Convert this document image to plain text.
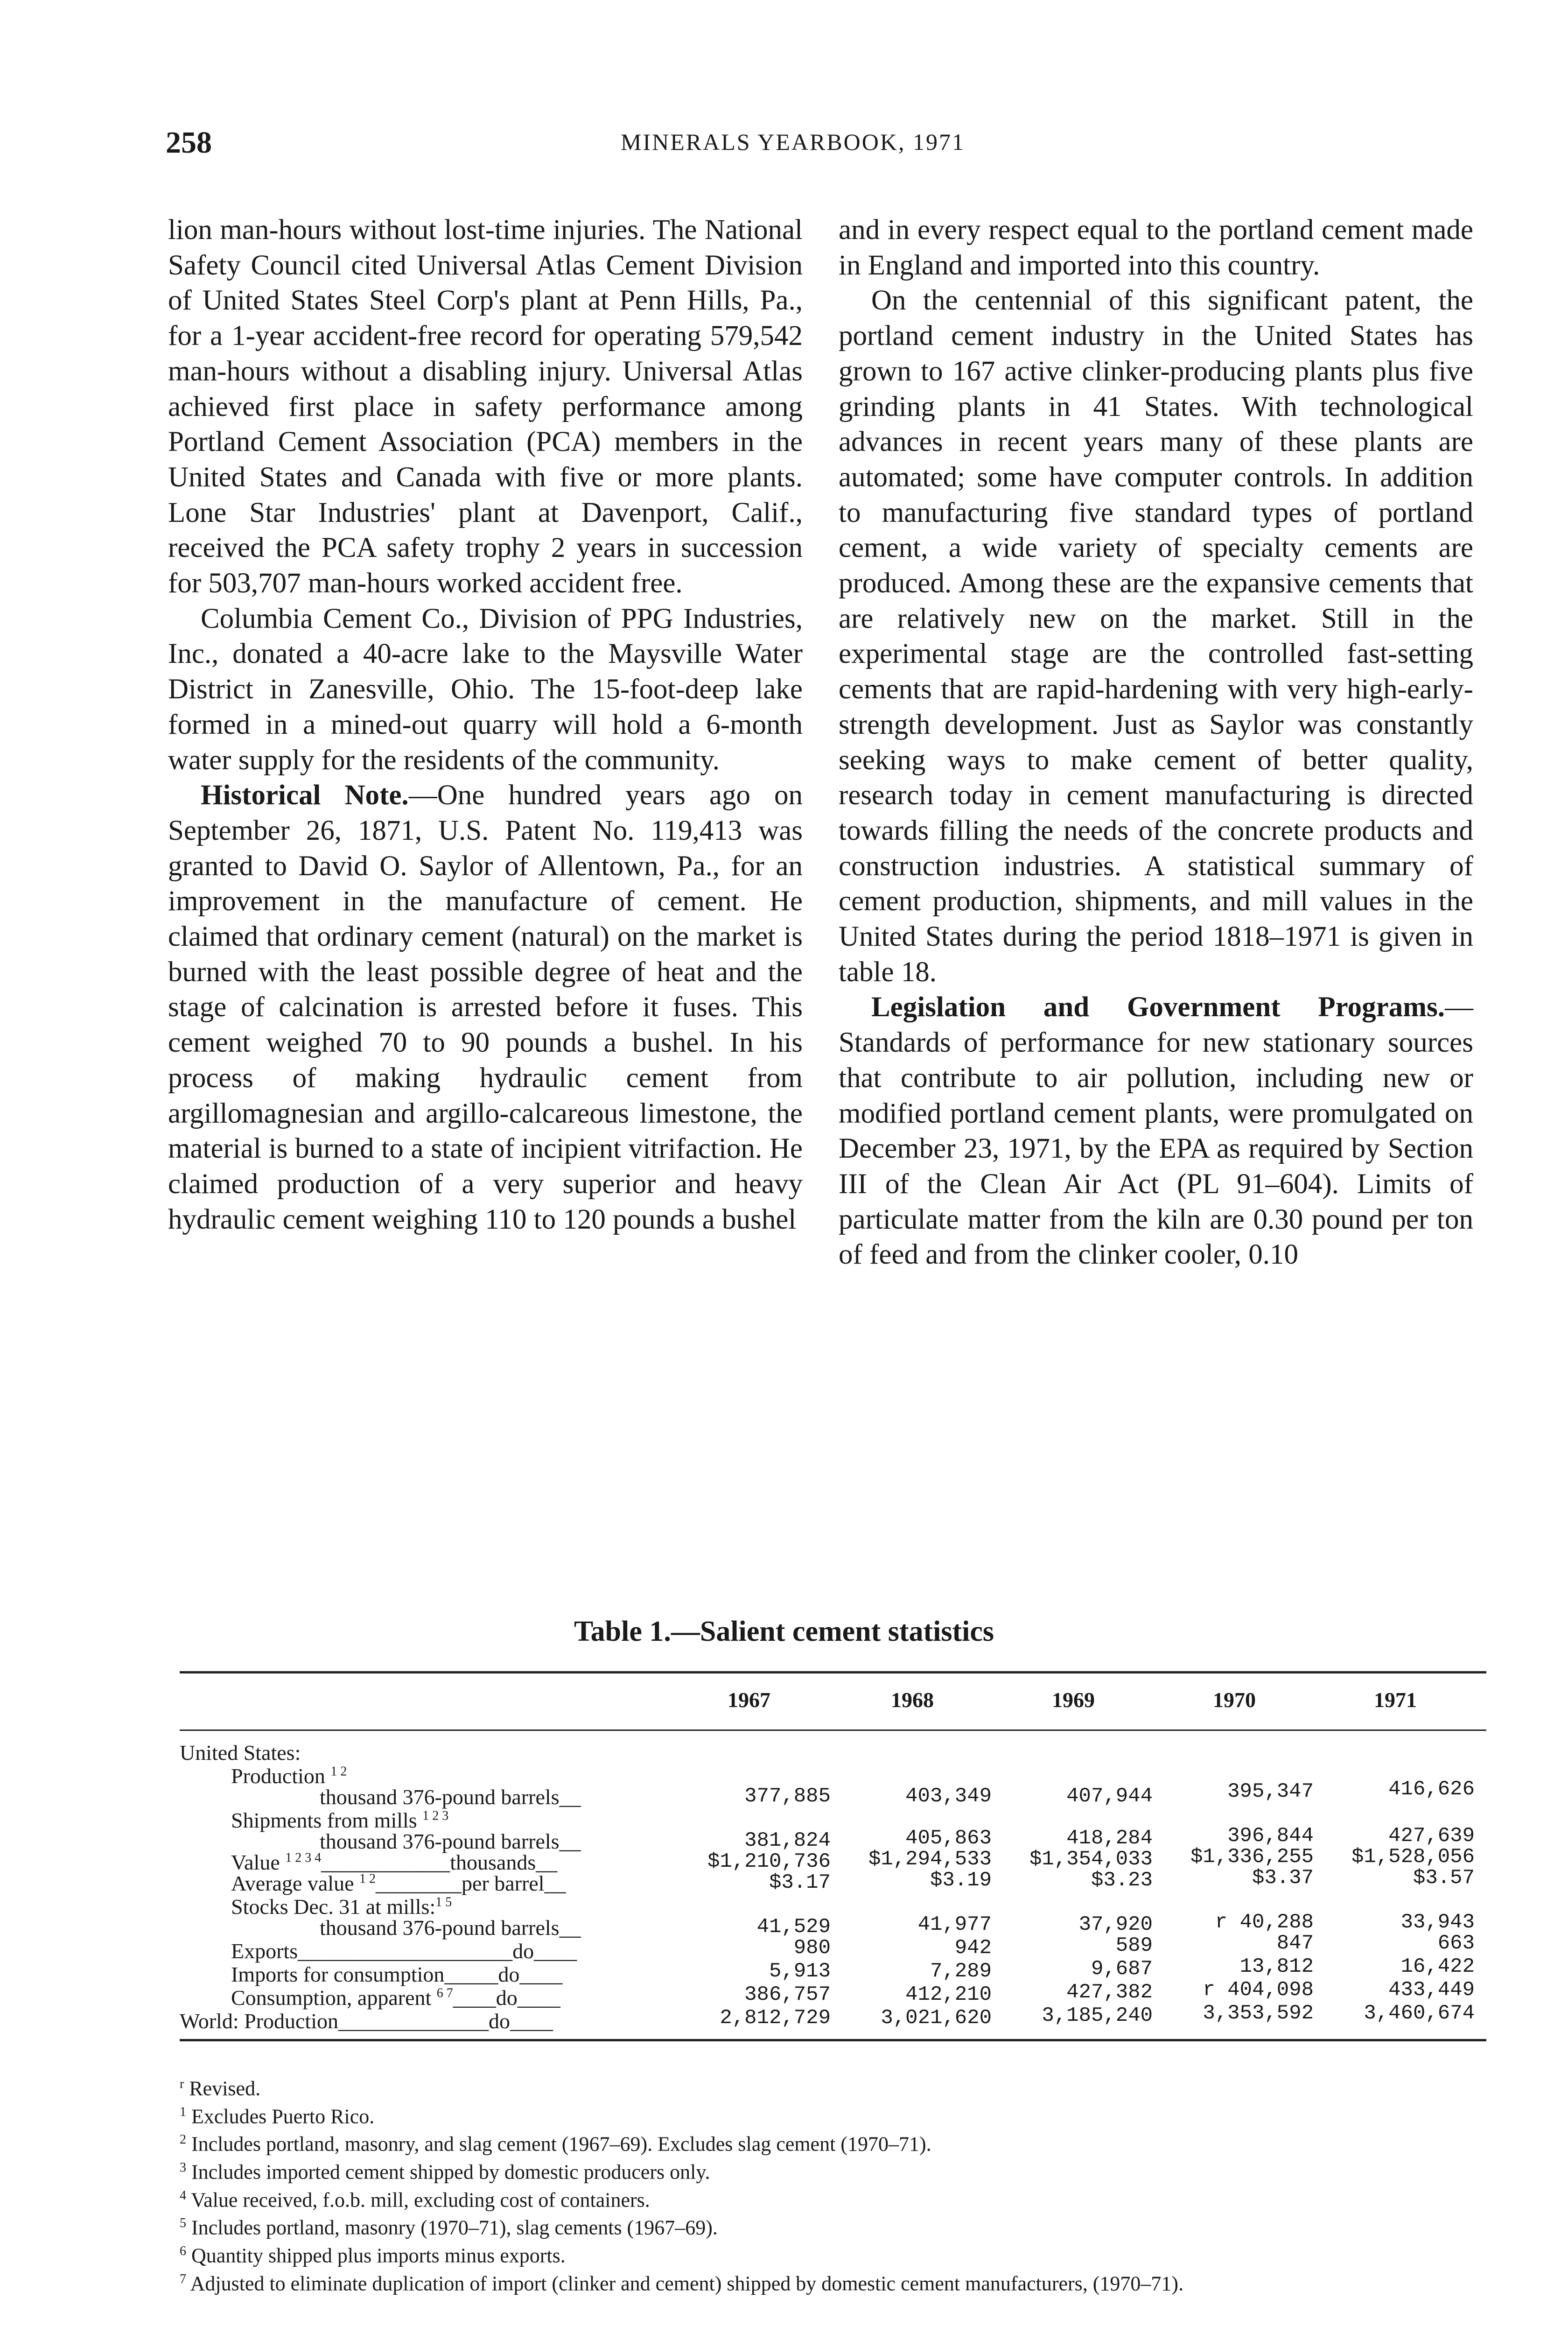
258	MINERALS YEARBOOK, 1971

lion man-hours without lost-time injuries. The National Safety Council cited Universal Atlas Cement Division of United States Steel Corp's plant at Penn Hills, Pa., for a 1-year accident-free record for operating 579,542 man-hours without a disabling injury. Universal Atlas achieved first place in safety performance among Portland Cement Association (PCA) members in the United States and Canada with five or more plants. Lone Star Industries' plant at Davenport, Calif., received the PCA safety trophy 2 years in succession for 503,707 man-hours worked accident free.

Columbia Cement Co., Division of PPG Industries, Inc., donated a 40-acre lake to the Maysville Water District in Zanesville, Ohio. The 15-foot-deep lake formed in a mined-out quarry will hold a 6-month water supply for the residents of the community.

Historical Note.—One hundred years ago on September 26, 1871, U.S. Patent No. 119,413 was granted to David O. Saylor of Allentown, Pa., for an improvement in the manufacture of cement. He claimed that ordinary cement (natural) on the market is burned with the least possible degree of heat and the stage of calcination is arrested before it fuses. This cement weighed 70 to 90 pounds a bushel. In his process of making hydraulic cement from argillomagnesian and argillo-calcareous limestone, the material is burned to a state of incipient vitrifaction. He claimed production of a very superior and heavy hydraulic cement weighing 110 to 120 pounds a bushel

and in every respect equal to the portland cement made in England and imported into this country.

On the centennial of this significant patent, the portland cement industry in the United States has grown to 167 active clinker-producing plants plus five grinding plants in 41 States. With technological advances in recent years many of these plants are automated; some have computer controls. In addition to manufacturing five standard types of portland cement, a wide variety of specialty cements are produced. Among these are the expansive cements that are relatively new on the market. Still in the experimental stage are the controlled fast-setting cements that are rapid-hardening with very high-early-strength development. Just as Saylor was constantly seeking ways to make cement of better quality, research today in cement manufacturing is directed towards filling the needs of the concrete products and construction industries. A statistical summary of cement production, shipments, and mill values in the United States during the period 1818–1971 is given in table 18.

Legislation and Government Programs.—Standards of performance for new stationary sources that contribute to air pollution, including new or modified portland cement plants, were promulgated on December 23, 1971, by the EPA as required by Section III of the Clean Air Act (PL 91–604). Limits of particulate matter from the kiln are 0.30 pound per ton of feed and from the clinker cooler, 0.10

Table 1.—Salient cement statistics
1967	1968	1969	1970	1971
United States:
Production $^{1 2}$
thousand 376-pound barrels__	377,885	403,349	407,944	395,347	416,626
Shipments from mills $^{1 2 3}$
thousand 376-pound barrels__	381,824	405,863	418,284	396,844	427,639
Value $^{1 2 3 4}$____________thousands__	$1,210,736	$1,294,533	$1,354,033	$1,336,255	$1,528,056
Average value $^{1 2}$________per barrel__	$3.17	$3.19	$3.23	$3.37	$3.57
Stocks Dec. 31 at mills:$^{1 5}$
thousand 376-pound barrels__	41,529	41,977	37,920	r 40,288	33,943
Exports____________________do____	980	942	589	847	663
Imports for consumption_____do____	5,913	7,289	9,687	13,812	16,422
Consumption, apparent $^{6 7}$____do____	386,757	412,210	427,382	r 404,098	433,449
World: Production______________do____	2,812,729	3,021,620	3,185,240	3,353,592	3,460,674

$^r$ Revised.

$^1$ Excludes Puerto Rico.

$^2$ Includes portland, masonry, and slag cement (1967–69). Excludes slag cement (1970–71).

$^3$ Includes imported cement shipped by domestic producers only.

$^4$ Value received, f.o.b. mill, excluding cost of containers.

$^5$ Includes portland, masonry (1970–71), slag cements (1967–69).

$^6$ Quantity shipped plus imports minus exports.

$^7$ Adjusted to eliminate duplication of import (clinker and cement) shipped by domestic cement manufacturers, (1970–71).
